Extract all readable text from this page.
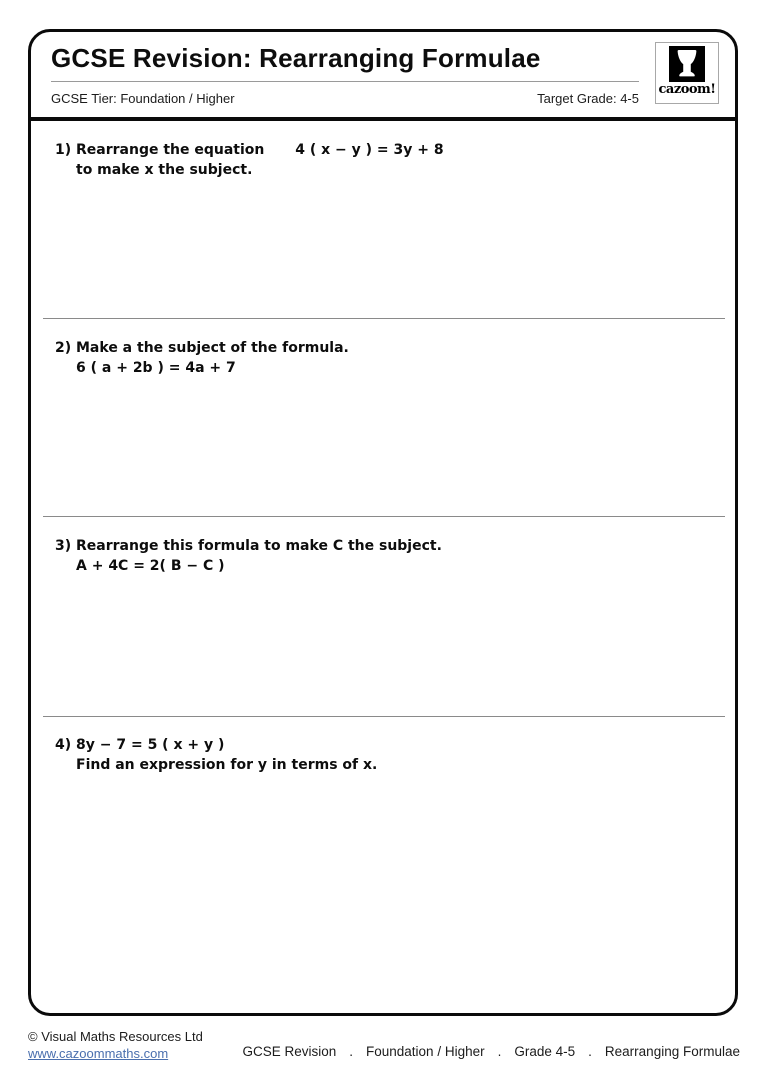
GCSE Revision: Rearranging Formulae
GCSE Tier: Foundation / Higher	Target Grade: 4-5
cazoom!
1) Rearrange the equation 4 ( x − y ) = 3y + 8
to make x the subject.
2) Make a the subject of the formula.
6 ( a + 2b ) = 4a + 7
3) Rearrange this formula to make C the subject.
A + 4C = 2( B − C )
4) 8y − 7 = 5 ( x + y )
Find an expression for y in terms of x.
© Visual Maths Resources Ltd
www.cazoommaths.com	GCSE Revision . Foundation / Higher . Grade 4-5 . Rearranging Formulae
